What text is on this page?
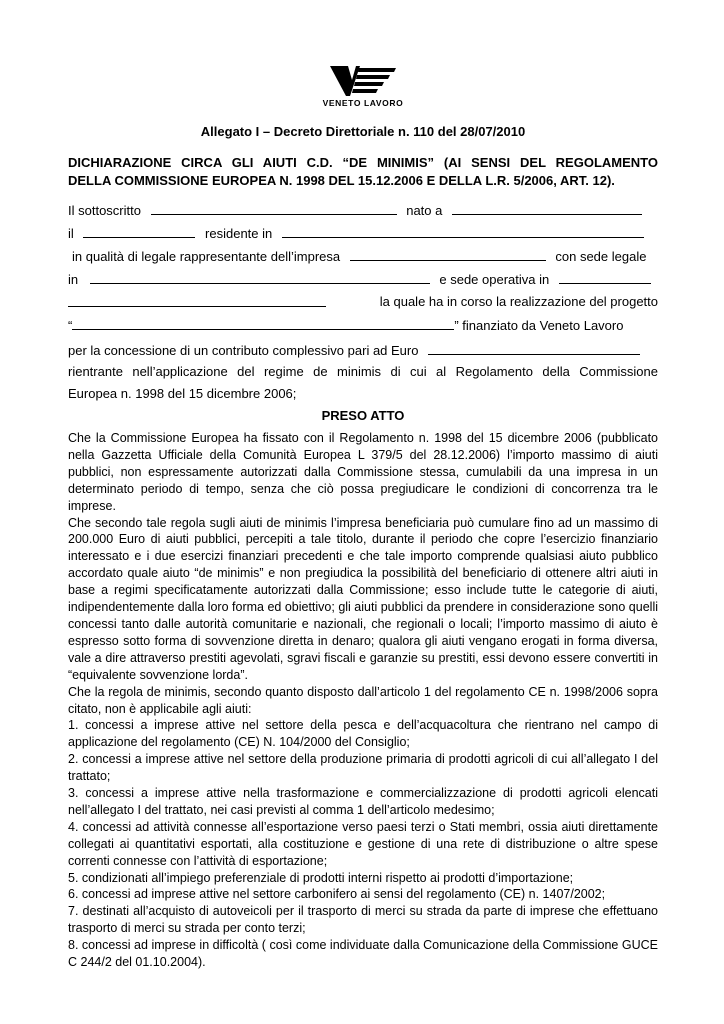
VENETO LAVORO
Allegato I – Decreto Direttoriale n. 110 del 28/07/2010
DICHIARAZIONE CIRCA GLI AIUTI C.D. “DE MINIMIS” (AI SENSI DEL REGOLAMENTO
DELLA COMMISSIONE EUROPEA N. 1998 DEL 15.12.2006 E DELLA L.R. 5/2006, ART. 12).
Il sottoscritto	nato a
il	residente in
in qualità di legale rappresentante dell’impresa	con sede legale
in	e sede operativa in
la quale ha in corso la realizzazione del progetto
“	” finanziato da Veneto Lavoro
per la concessione di un contributo complessivo pari ad Euro
rientrante nell’applicazione del regime de minimis di cui al Regolamento della Commissione
Europea n. 1998 del 15 dicembre 2006;
PRESO ATTO

Che la Commissione Europea ha fissato con il Regolamento n. 1998 del 15 dicembre 2006 (pubblicato nella Gazzetta Ufficiale della Comunità Europea L 379/5 del 28.12.2006) l’importo massimo di aiuti pubblici, non espressamente autorizzati dalla Commissione stessa, cumulabili da una impresa in un determinato periodo di tempo, senza che ciò possa pregiudicare le condizioni di concorrenza tra le imprese.

Che secondo tale regola sugli aiuti de minimis l’impresa beneficiaria può cumulare fino ad un massimo di 200.000 Euro di aiuti pubblici, percepiti a tale titolo, durante il periodo che copre l’esercizio finanziario interessato e i due esercizi finanziari precedenti e che tale importo comprende qualsiasi aiuto pubblico accordato quale aiuto “de minimis” e non pregiudica la possibilità del beneficiario di ottenere altri aiuti in base a regimi specificatamente autorizzati dalla Commissione; esso include tutte le categorie di aiuti, indipendentemente dalla loro forma ed obiettivo; gli aiuti pubblici da prendere in considerazione sono quelli concessi tanto dalle autorità comunitarie e nazionali, che regionali o locali; l’importo massimo di aiuto è espresso sotto forma di sovvenzione diretta in denaro; qualora gli aiuti vengano erogati in forma diversa, vale a dire attraverso prestiti agevolati, sgravi fiscali e garanzie su prestiti, essi devono essere convertiti in “equivalente sovvenzione lorda”.

Che la regola de minimis, secondo quanto disposto dall’articolo 1 del regolamento CE n. 1998/2006 sopra citato, non è applicabile agli aiuti:

1. concessi a imprese attive nel settore della pesca e dell’acquacoltura che rientrano nel campo di applicazione del regolamento (CE) N. 104/2000 del Consiglio;

2. concessi a imprese attive nel settore della produzione primaria di prodotti agricoli di cui all’allegato I del trattato;

3. concessi a imprese attive nella trasformazione e commercializzazione di prodotti agricoli elencati nell’allegato I del trattato, nei casi previsti al comma 1 dell’articolo medesimo;

4. concessi ad attività connesse all’esportazione verso paesi terzi o Stati membri, ossia aiuti direttamente collegati ai quantitativi esportati, alla costituzione e gestione di una rete di distribuzione o altre spese correnti connesse con l’attività di esportazione;

5. condizionati all’impiego preferenziale di prodotti interni rispetto ai prodotti d’importazione;

6. concessi ad imprese attive nel settore carbonifero ai sensi del regolamento (CE) n. 1407/2002;

7. destinati all’acquisto di autoveicoli per il trasporto di merci su strada da parte di imprese che effettuano trasporto di merci su strada per conto terzi;

8. concessi ad imprese in difficoltà ( così come individuate dalla Comunicazione della Commissione GUCE C 244/2 del 01.10.2004).
